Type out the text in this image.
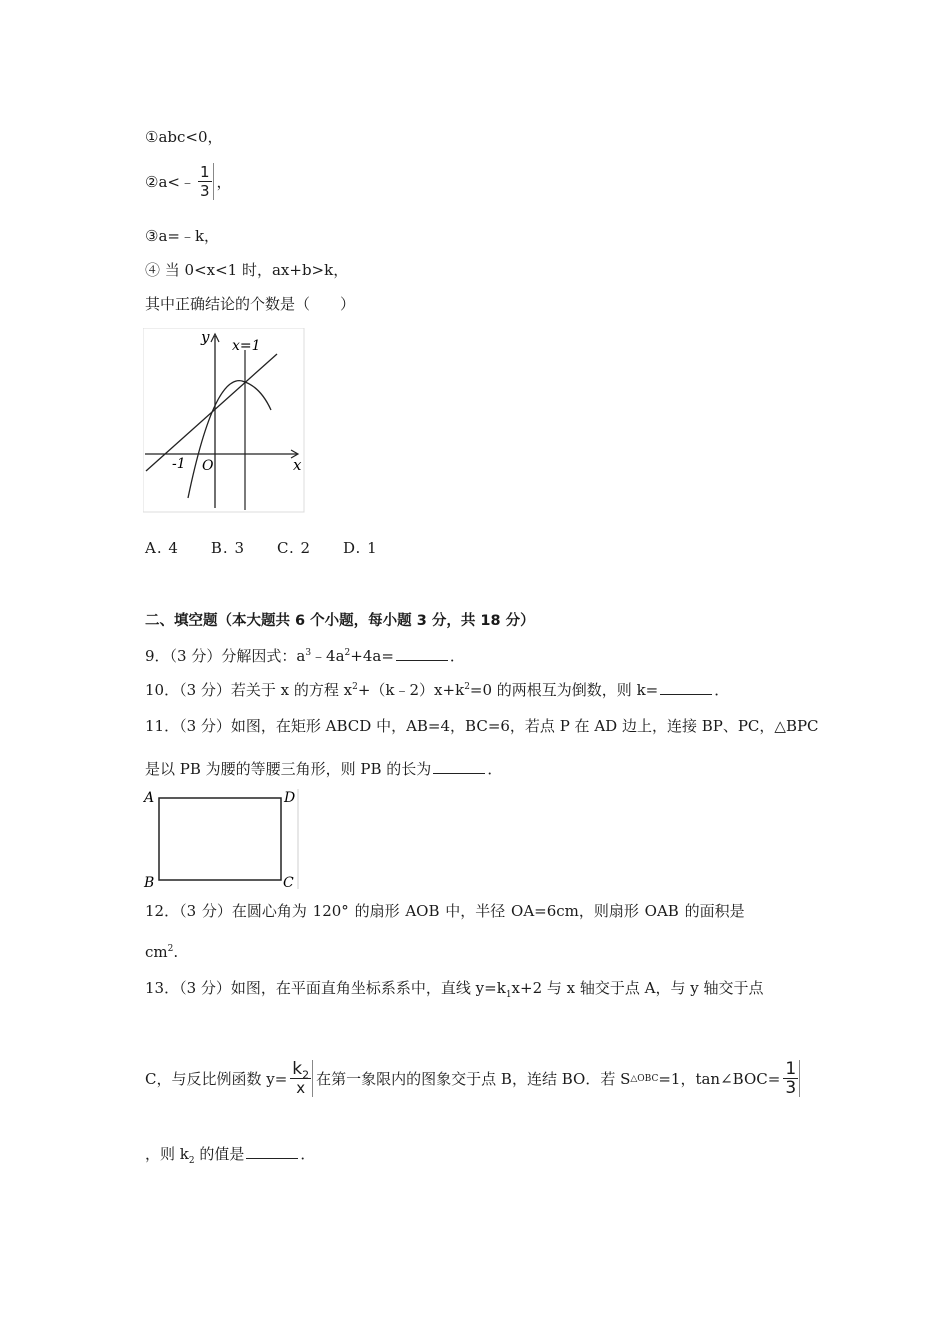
①abc<0，
②a<﹣ $\frac{1}{3}$ ，
③a=﹣k，
④ 当 0<x<1 时，ax+b>k，
其中正确结论的个数是（　　）
y
x
x=1
-1 O
A. 4　　B. 3　　C. 2　　D. 1
二、填空题（本大题共 6 个小题，每小题 3 分，共 18 分）
9．（3 分）分解因式：$a^3﹣4a^2+4a=$	．
10．（3 分）若关于 x 的方程 $x^2+(k﹣2)x+k^2=0$ 的两根互为倒数，则 k=	．
11．（3 分）如图，在矩形 ABCD 中，AB=4，BC=6，若点 P 在 AD 边上，连接 BP、PC，△BPC
是以 PB 为腰的等腰三角形，则 PB 的长为	．
A	D
B	C
12．（3 分）在圆心角为 120° 的扇形 AOB 中，半径 OA=6cm，则扇形 OAB 的面积是
$cm^2$.
13．（3 分）如图，在平面直角坐标系系中，直线 $y=k_1x+2$ 与 x 轴交于点 A，与 y 轴交于点
C，与反比例函数 $y= \frac{k_2}{x}$ 在第一象限内的图象交于点 B，连结 BO．若 S △OBC =1，tan∠BOC= $\frac{1}{3}$
，则 $k_2$ 的值是	．
